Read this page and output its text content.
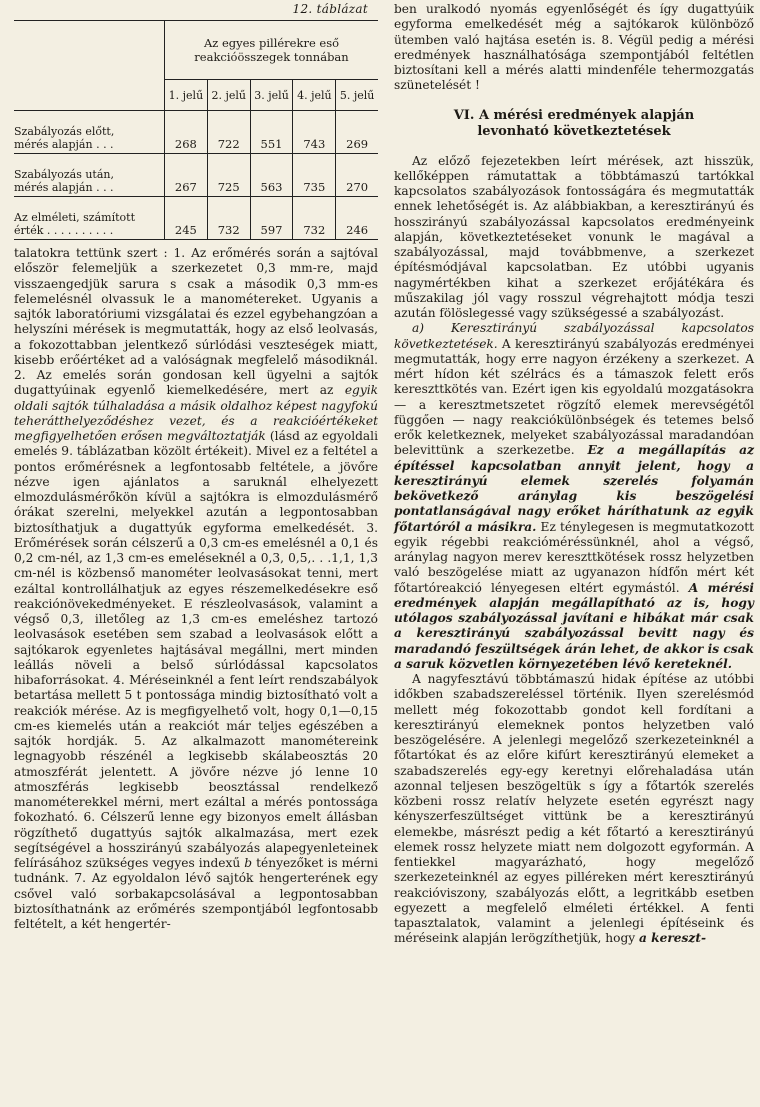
12. táblázat

	Az egyes pillérekre eső
reakcióösszegek tonnában				
	1. jelű	2. jelű	3. jelű	4. jelű	5. jelű
Szabályozás előtt,
mérés alapján . . .	268	722	551	743	269
Szabályozás után,
mérés alapján . . .	267	725	563	735	270
Az elméleti, számított
érték . . . . . . . . . .	245	732	597	732	246

talatokra tettünk szert : 1. Az erőmérés során a sajtóval először felemeljük a szerkezetet 0,3 mm-re, majd visszaengedjük sarura s csak a második 0,3 mm-es felemelésnél olvassuk le a manométereket. Ugyanis a sajtók laboratóriumi vizsgálatai és ezzel egybehangzóan a helyszíni mérések is megmutatták, hogy az első leolvasás, a fokozottabban jelentkező súrlódási veszteségek miatt, kisebb erőértéket ad a valóságnak megfelelő másodiknál. 2. Az emelés során gondosan kell ügyelni a sajtók dugattyúinak egyenlő kiemelkedésére, mert az egyik oldali sajtók túlhaladása a másik oldalhoz képest nagyfokú teherátthelyeződéshez vezet, és a reakcióértékeket megfigyelhetően erősen megváltoztatják (lásd az egyoldali emelés 9. táblázatban közölt értékeit). Mivel ez a feltétel a pontos erőmérésnek a legfontosabb feltétele, a jövőre nézve igen ajánlatos a saruknál elhelyezett elmozdulásmérőkön kívül a sajtókra is elmozdulásmérő órákat szerelni, melyekkel azután a legpontosabban biztosíthatjuk a dugattyúk egyforma emelkedését. 3. Erőmérések során célszerű a 0,3 cm-es emelésnél a 0,1 és 0,2 cm-nél, az 1,3 cm-es emeléseknél a 0,3, 0,5,. . .1,1, 1,3 cm-nél is közbenső manométer leolvasásokat tenni, mert ezáltal kontrollálhatjuk az egyes részemelkedésekre eső reakciónövekedményeket. E részleolvasások, valamint a végső 0,3, illetőleg az 1,3 cm-es emeléshez tartozó leolvasások esetében sem szabad a leolvasások előtt a sajtókarok egyenletes hajtásával megállni, mert minden leállás növeli a belső súrlódással kapcsolatos hibaforrásokat. 4. Méréseinknél a fent leírt rendszabályok betartása mellett 5 t pontossága mindig biztosítható volt a reakciók mérése. Az is megfigyelhető volt, hogy 0,1—0,15 cm-es kiemelés után a reakciót már teljes egészében a sajtók hordják. 5. Az alkalmazott manométereink legnagyobb részénél a legkisebb skálabeosztás 20 atmoszférát jelentett. A jövőre nézve jó lenne 10 atmoszférás legkisebb beosztással rendelkező manométerekkel mérni, mert ezáltal a mérés pontossága fokozható. 6. Célszerű lenne egy bizonyos emelt állásban rögzíthető dugattyús sajtók alkalmazása, mert ezek segítségével a hosszirányú szabályozás alapegyenleteinek felírásához szükséges vegyes indexű b tényezőket is mérni tudnánk. 7. Az egyoldalon lévő sajtók hengerterének egy csővel való sorbakapcsolásával a legpontosabban biztosíthatnánk az erőmérés szempontjából legfontosabb feltételt, a két hengertér-

ben uralkodó nyomás egyenlőségét és így dugattyúik egyforma emelkedését még a sajtókarok különböző ütemben való hajtása esetén is. 8. Végül pedig a mérési eredmények használhatósága szempontjából feltétlen biztosítani kell a mérés alatti mindenféle tehermozgatás szünetelését !

VI. A mérési eredmények alapján
levonható következtetések

Az előző fejezetekben leírt mérések, azt hisszük, kellőképpen rámutattak a többtámaszú tartókkal kapcsolatos szabályozások fontosságára és megmutatták ennek lehetőségét is. Az alábbiakban, a keresztirányú és hosszirányú szabályozással kapcsolatos eredményeink alapján, következtetéseket vonunk le magával a szabályozással, majd továbbmenve, a szerkezet építésmódjával kapcsolatban. Ez utóbbi ugyanis nagymértékben kihat a szerkezet erőjátékára és műszakilag jól vagy rosszul végrehajtott módja teszi azután fölöslegessé vagy szükségessé a szabályozást.

a) Keresztirányú szabályozással kapcsolatos következtetések. A keresztirányú szabályozás eredményei megmutatták, hogy erre nagyon érzékeny a szerkezet. A mért hídon két szélrács és a támaszok felett erős kereszttkötés van. Ezért igen kis egyoldalú mozgatásokra — a keresztmetszetet rögzítő elemek merevségétől függően — nagy reakciókülönbségek és tetemes belső erők keletkeznek, melyeket szabályozással maradandóan belevittünk a szerkezetbe. Ez a megállapítás az építéssel kapcsolatban annyit jelent, hogy a keresztirányú elemek szerelés folyamán bekövetkező aránylag kis beszögelési pontatlanságával nagy erőket háríthatunk az egyik főtartóról a másikra. Ez ténylegesen is megmutatkozott egyik régebbi reakcióméréssünknél, ahol a végső, aránylag nagyon merev kereszttkötések rossz helyzetben való beszögelése miatt az ugyanazon hídfőn mért két főtartóreakció lényegesen eltért egymástól. A mérési eredmények alapján megállapítható az is, hogy utólagos szabályozással javítani e hibákat már csak a keresztirányú szabályozással bevitt nagy és maradandó feszültségek árán lehet, de akkor is csak a saruk közvetlen környezetében lévő kereteknél.

A nagyfesztávú többtámaszú hidak építése az utóbbi időkben szabadszereléssel történik. Ilyen szerelésmód mellett még fokozottabb gondot kell fordítani a keresztirányú elemeknek pontos helyzetben való beszögelésére. A jelenlegi megelőző szerkezeteinknél a főtartókat és az előre kifúrt keresztirányú elemeket a szabadszerelés egy-egy keretnyi előrehaladása után azonnal teljesen beszögeltük s így a főtartók szerelés közbeni rossz relatív helyzete esetén egyrészt nagy kényszerfeszültséget vittünk be a keresztirányú elemekbe, másrészt pedig a két főtartó a keresztirányú elemek rossz helyzete miatt nem dolgozott egyformán. A fentiekkel magyarázható, hogy megelőző szerkezeteinknél az egyes pilléreken mért keresztirányú reakcióviszony, szabályozás előtt, a legritkább esetben egyezett a megfelelő elméleti értékkel. A fenti tapasztalatok, valamint a jelenlegi építéseink és méréseink alapján lerögzíthetjük, hogy a kereszt-
